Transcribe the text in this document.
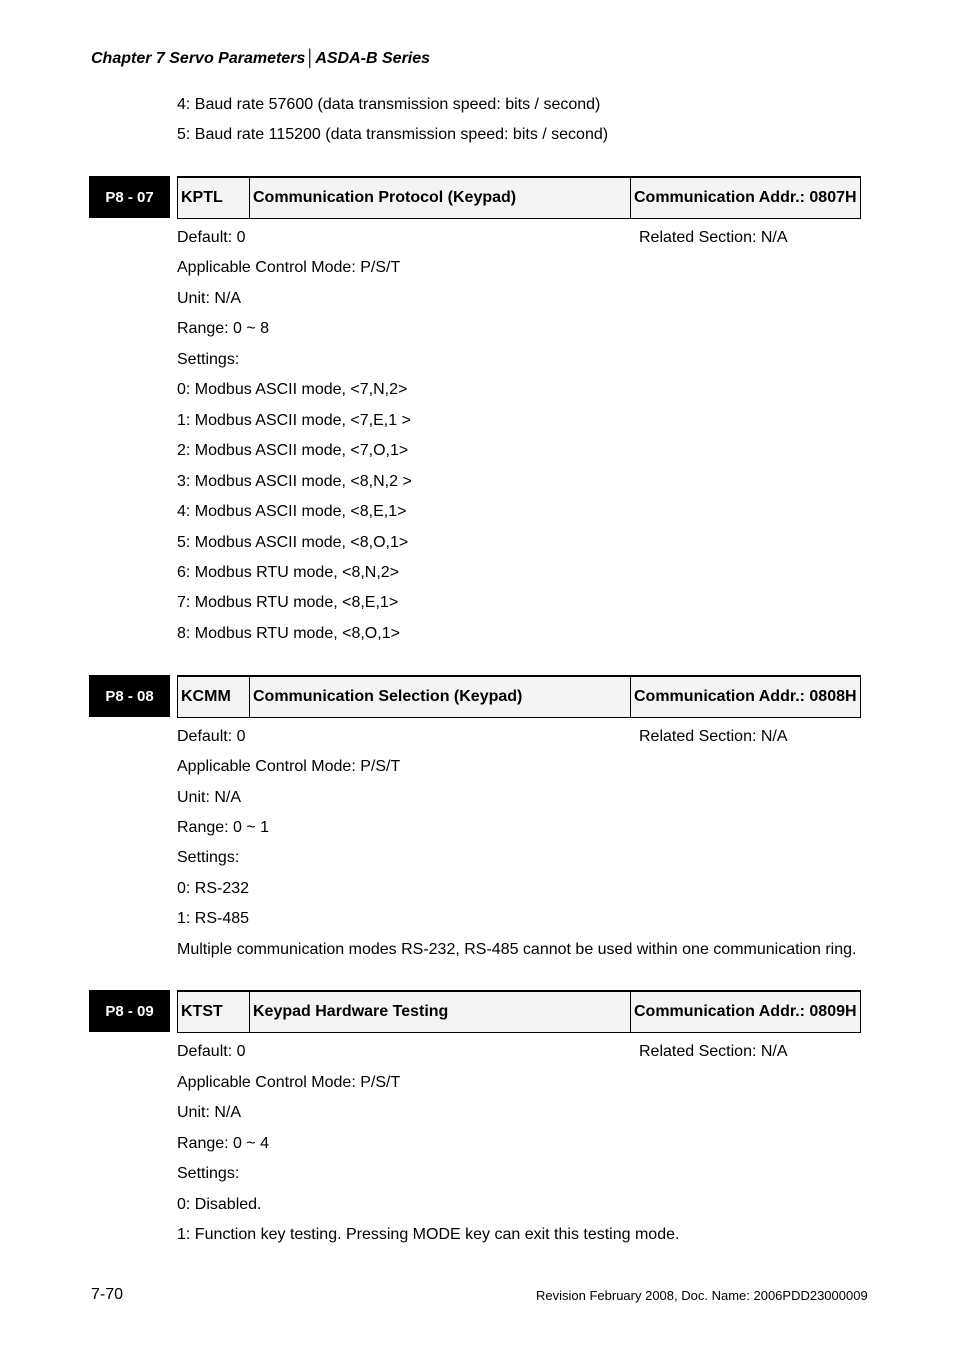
Chapter 7 Servo Parameters│ASDA-B Series
4: Baud rate 57600 (data transmission speed: bits / second)
5: Baud rate 115200 (data transmission speed: bits / second)
P8 - 07	KPTL	Communication Protocol (Keypad)	Communication Addr.: 0807H
Default: 0	Related Section: N/A
Applicable Control Mode: P/S/T
Unit: N/A
Range: 0 ~ 8
Settings:
0: Modbus ASCII mode, <7,N,2>
1: Modbus ASCII mode, <7,E,1 >
2: Modbus ASCII mode, <7,O,1>
3: Modbus ASCII mode, <8,N,2 >
4: Modbus ASCII mode, <8,E,1>
5: Modbus ASCII mode, <8,O,1>
6: Modbus RTU mode, <8,N,2>
7: Modbus RTU mode, <8,E,1>
8: Modbus RTU mode, <8,O,1>
P8 - 08	KCMM	Communication Selection (Keypad)	Communication Addr.: 0808H
Default: 0	Related Section: N/A
Applicable Control Mode: P/S/T
Unit: N/A
Range: 0 ~ 1
Settings:
0: RS-232
1: RS-485
Multiple communication modes RS-232, RS-485 cannot be used within one communication ring.
P8 - 09	KTST	Keypad Hardware Testing	Communication Addr.: 0809H
Default: 0	Related Section: N/A
Applicable Control Mode: P/S/T
Unit: N/A
Range: 0 ~ 4
Settings:
0: Disabled.
1: Function key testing. Pressing MODE key can exit this testing mode.
7-70	Revision February 2008, Doc. Name: 2006PDD23000009
